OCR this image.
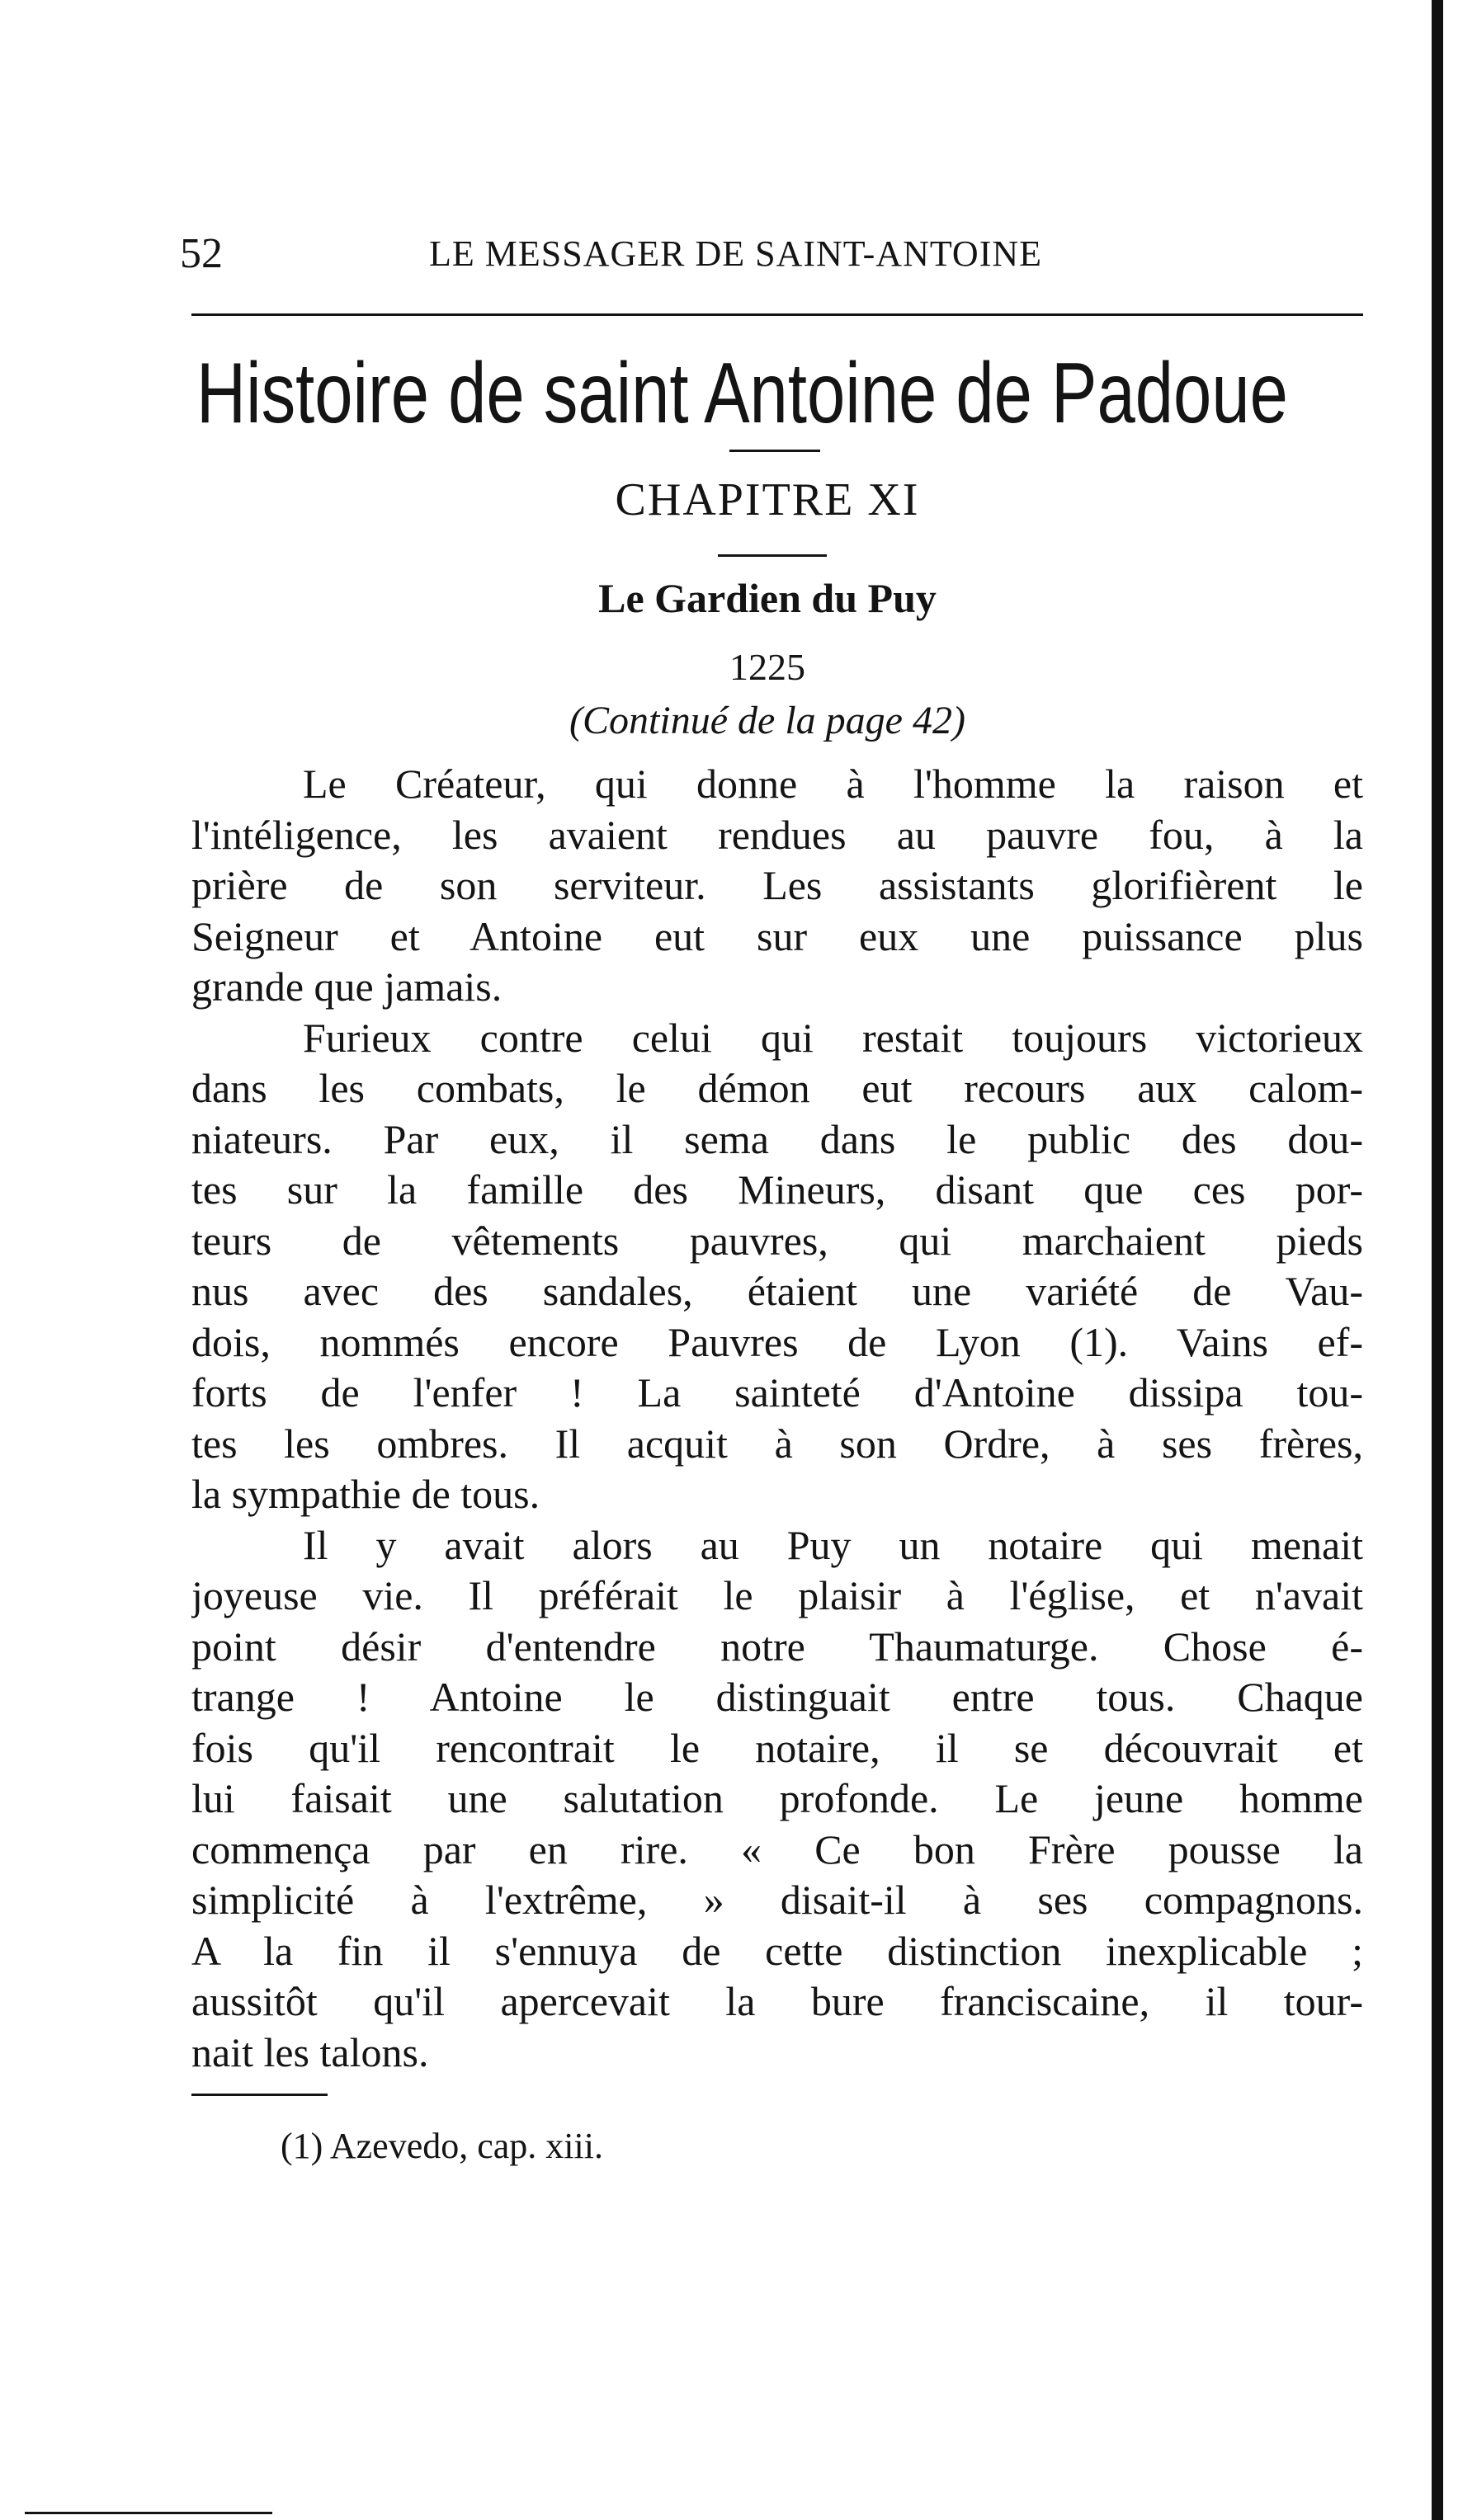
52	LE MESSAGER DE SAINT-ANTOINE
Histoire de saint Antoine de Padoue
CHAPITRE XI
Le Gardien du Puy
1225
(Continué de la page 42)
Le Créateur, qui donne à l'homme la raison et
l'intéligence, les avaient rendues au pauvre fou, à la
prière de son serviteur. Les assistants glorifièrent le
Seigneur et Antoine eut sur eux une puissance plus
grande que jamais.
Furieux contre celui qui restait toujours victorieux
dans les combats, le démon eut recours aux calom-
niateurs. Par eux, il sema dans le public des dou-
tes sur la famille des Mineurs, disant que ces por-
teurs de vêtements pauvres, qui marchaient pieds
nus avec des sandales, étaient une variété de Vau-
dois, nommés encore Pauvres de Lyon (1). Vains ef-
forts de l'enfer ! La sainteté d'Antoine dissipa tou-
tes les ombres. Il acquit à son Ordre, à ses frères,
la sympathie de tous.
Il y avait alors au Puy un notaire qui menait
joyeuse vie. Il préférait le plaisir à l'église, et n'avait
point désir d'entendre notre Thaumaturge. Chose é-
trange ! Antoine le distinguait entre tous. Chaque
fois qu'il rencontrait le notaire, il se découvrait et
lui faisait une salutation profonde. Le jeune homme
commença par en rire. « Ce bon Frère pousse la
simplicité à l'extrême, » disait-il à ses compagnons.
A la fin il s'ennuya de cette distinction inexplicable ;
aussitôt qu'il apercevait la bure franciscaine, il tour-
nait les talons.
(1) Azevedo, cap. xiii.
